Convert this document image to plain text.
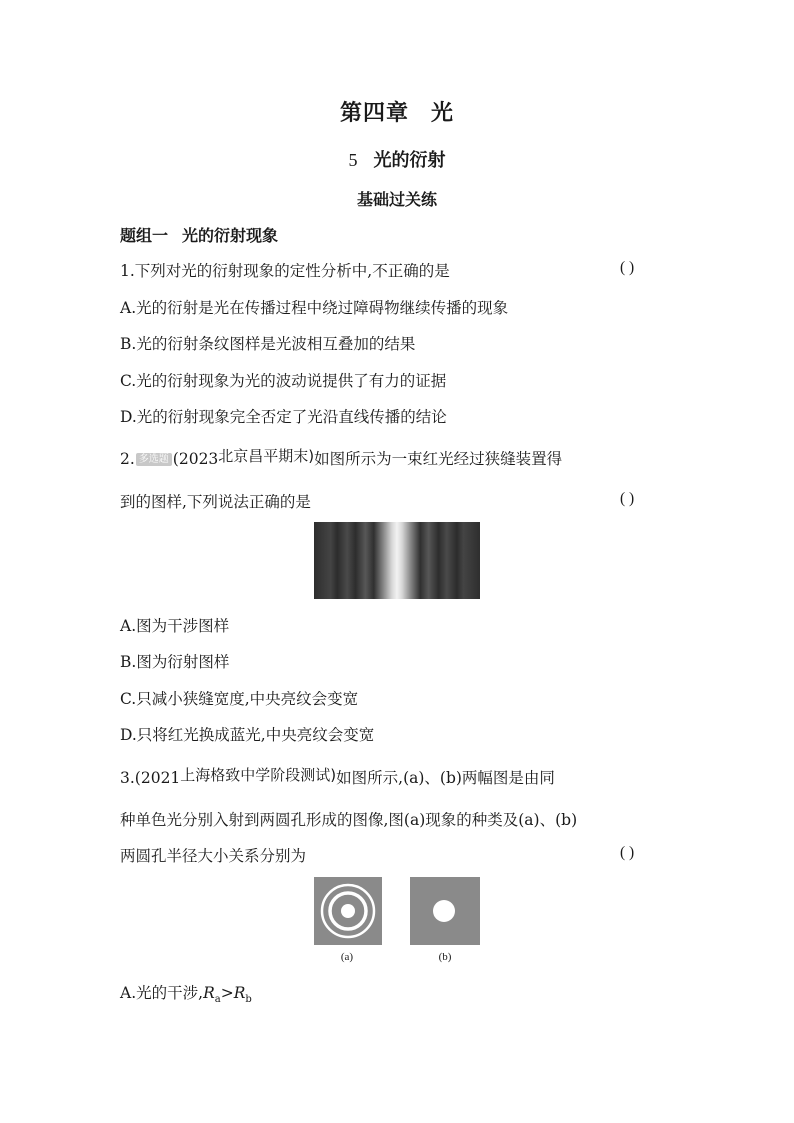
第四章 光
5 光的衍射
基础过关练
题组一 光的衍射现象
1.下列对光的衍射现象的定性分析中,不正确的是	( )
A.光的衍射是光在传播过程中绕过障碍物继续传播的现象
B.光的衍射条纹图样是光波相互叠加的结果
C.光的衍射现象为光的波动说提供了有力的证据
D.光的衍射现象完全否定了光沿直线传播的结论
2. 多选题 (2023北京昌平期末)如图所示为一束红光经过狭缝装置得
到的图样,下列说法正确的是	( )
A.图为干涉图样
B.图为衍射图样
C.只减小狭缝宽度,中央亮纹会变宽
D.只将红光换成蓝光,中央亮纹会变宽
3.(2021上海格致中学阶段测试)如图所示,(a)、(b)两幅图是由同
种单色光分别入射到两圆孔形成的图像,图(a)现象的种类及(a)、(b)
两圆孔半径大小关系分别为	( )
(a)	(b)
A.光的干涉$,R_a>R_b$
